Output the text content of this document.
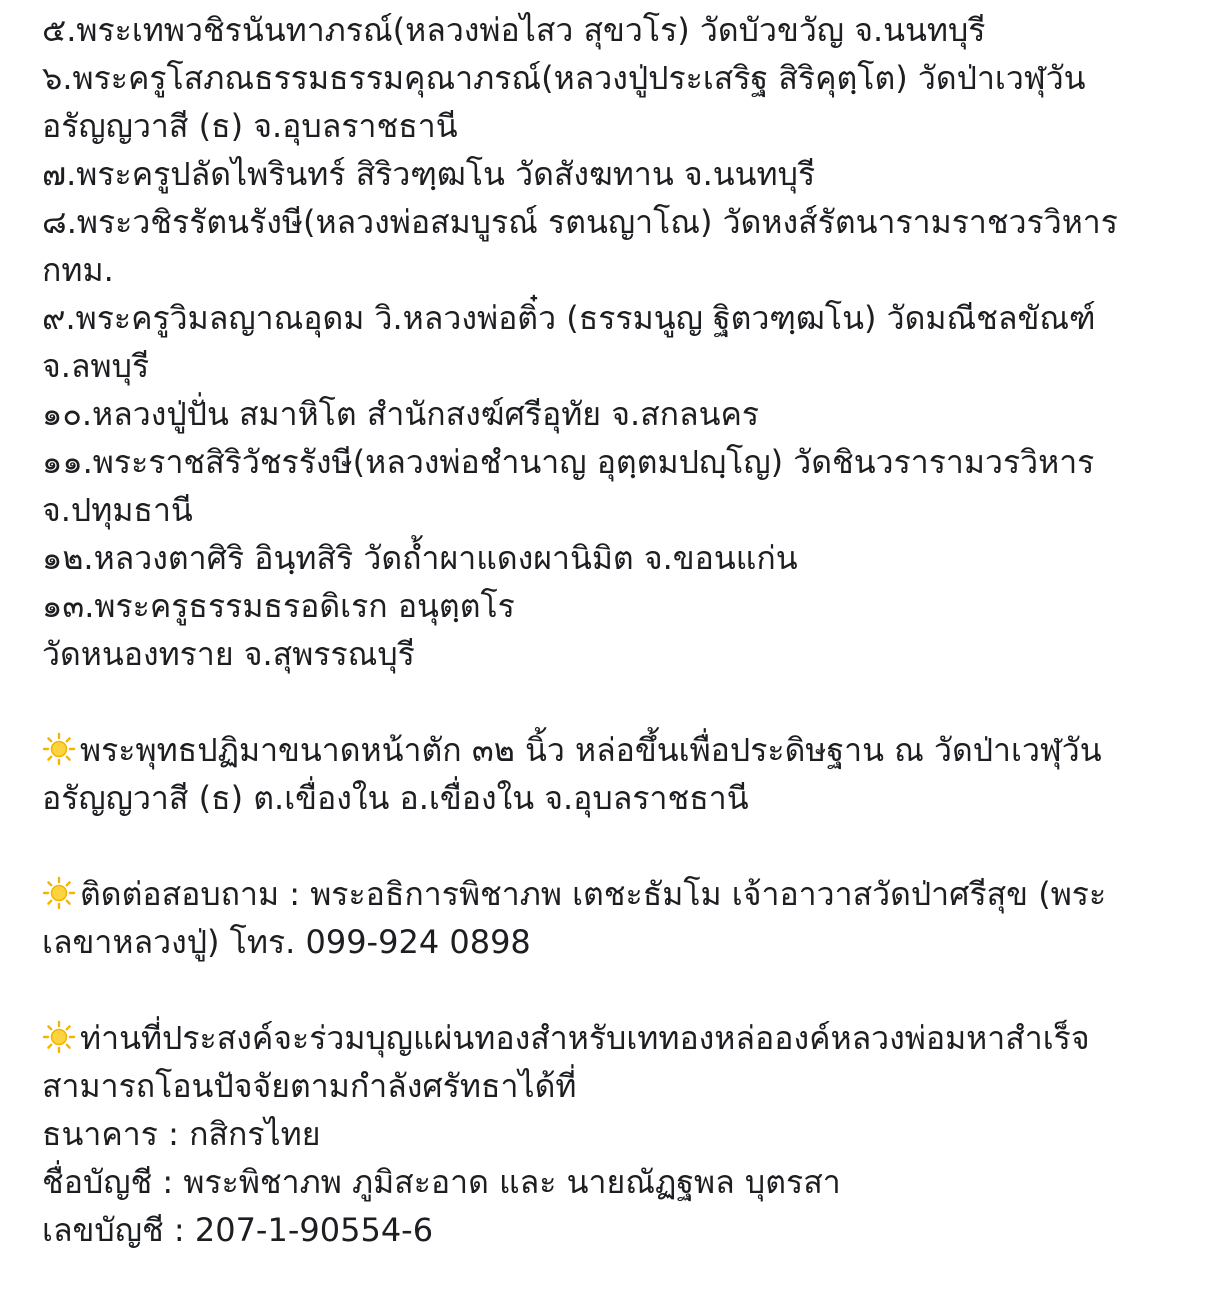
๕.พระเทพวชิรนันทาภรณ์(หลวงพ่อไสว สุขวโร) วัดบัวขวัญ จ.นนทบุรี
๖.พระครูโสภณธรรมธรรมคุณาภรณ์(หลวงปู่ประเสริฐ สิริคุตฺโต) วัดป่าเวฬุวัน
อรัญญวาสี (ธ) จ.อุบลราชธานี
๗.พระครูปลัดไพรินทร์ สิริวฑฺฒโน วัดสังฆทาน จ.นนทบุรี
๘.พระวชิรรัตนรังษี(หลวงพ่อสมบูรณ์ รตนญาโณ) วัดหงส์รัตนารามราชวรวิหาร
กทม.
๙.พระครูวิมลญาณอุดม วิ.หลวงพ่อติ๋ว (ธรรมนูญ ฐิตวฑฺฒโน) วัดมณีชลขัณฑ์
จ.ลพบุรี
๑๐.หลวงปู่ปั่น สมาหิโต สำนักสงฆ์ศรีอุทัย จ.สกลนคร
๑๑.พระราชสิริวัชรรังษี(หลวงพ่อชำนาญ อุตฺตมปญฺโญ) วัดชินวรารามวรวิหาร
จ.ปทุมธานี
๑๒.หลวงตาศิริ อินฺทสิริ วัดถ้ำผาแดงผานิมิต จ.ขอนแก่น
๑๓.พระครูธรรมธรอดิเรก อนุตฺตโร
วัดหนองทราย จ.สุพรรณบุรี
พระพุทธปฏิมาขนาดหน้าตัก ๓๒ นิ้ว หล่อขึ้นเพื่อประดิษฐาน ณ วัดป่าเวฬุวัน
อรัญญวาสี (ธ) ต.เขื่องใน อ.เขื่องใน จ.อุบลราชธานี
ติดต่อสอบถาม : พระอธิการพิชาภพ เตชะธัมโม เจ้าอาวาสวัดป่าศรีสุข (พระ
เลขาหลวงปู่) โทร. 099-924 0898
ท่านที่ประสงค์จะร่วมบุญแผ่นทองสำหรับเททองหล่อองค์หลวงพ่อมหาสำเร็จ
สามารถโอนปัจจัยตามกำลังศรัทธาได้ที่
ธนาคาร : กสิกรไทย
ชื่อบัญชี : พระพิชาภพ ภูมิสะอาด และ นายณัฏฐพล บุตรสา
เลขบัญชี : 207-1-90554-6
